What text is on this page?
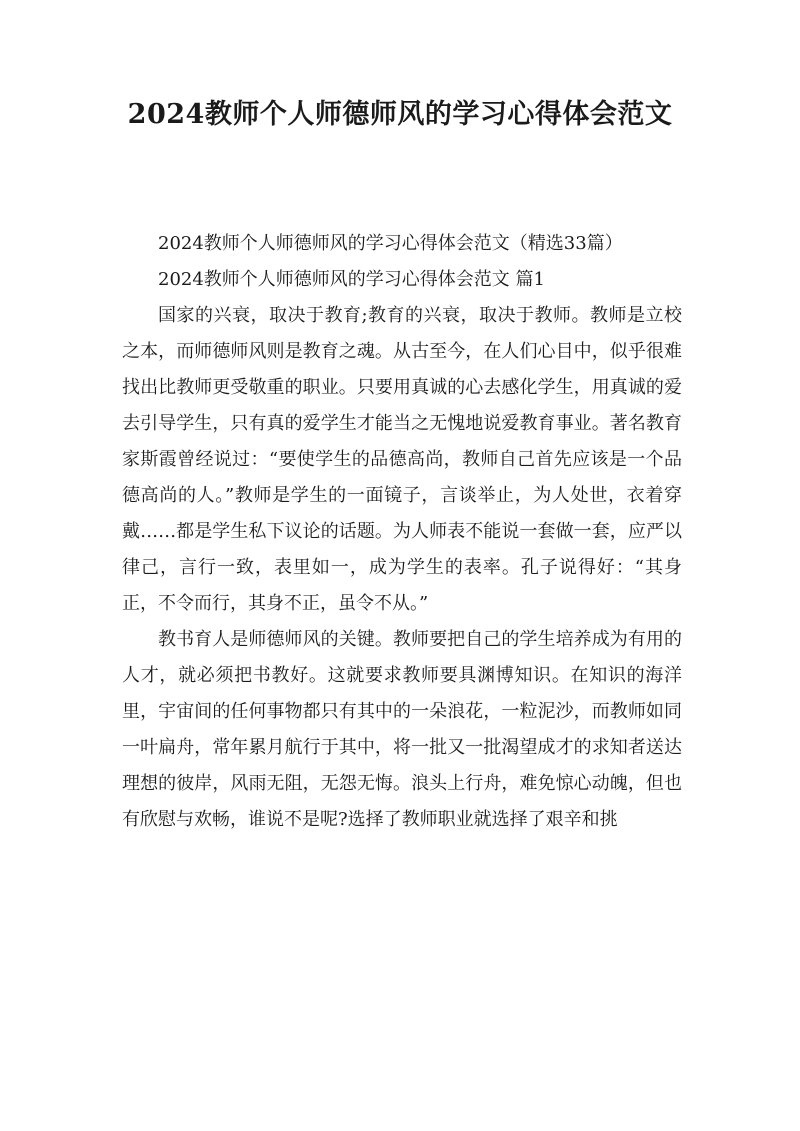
2024教师个人师德师风的学习心得体会范文

2024教师个人师德师风的学习心得体会范文（精选33篇）

2024教师个人师德师风的学习心得体会范文 篇1

国家的兴衰，取决于教育;教育的兴衰，取决于教师。教师是立校之本，而师德师风则是教育之魂。从古至今，在人们心目中，似乎很难找出比教师更受敬重的职业。只要用真诚的心去感化学生，用真诚的爱去引导学生，只有真的爱学生才能当之无愧地说爱教育事业。著名教育家斯霞曾经说过：“要使学生的品德高尚，教师自己首先应该是一个品德高尚的人。”教师是学生的一面镜子，言谈举止，为人处世，衣着穿戴……都是学生私下议论的话题。为人师表不能说一套做一套，应严以律己，言行一致，表里如一，成为学生的表率。孔子说得好：“其身正，不令而行，其身不正，虽令不从。”

教书育人是师德师风的关键。教师要把自己的学生培养成为有用的人才，就必须把书教好。这就要求教师要具渊博知识。在知识的海洋里，宇宙间的任何事物都只有其中的一朵浪花，一粒泥沙，而教师如同一叶扁舟，常年累月航行于其中，将一批又一批渴望成才的求知者送达理想的彼岸，风雨无阻，无怨无悔。浪头上行舟，难免惊心动魄，但也有欣慰与欢畅，谁说不是呢?选择了教师职业就选择了艰辛和挑
